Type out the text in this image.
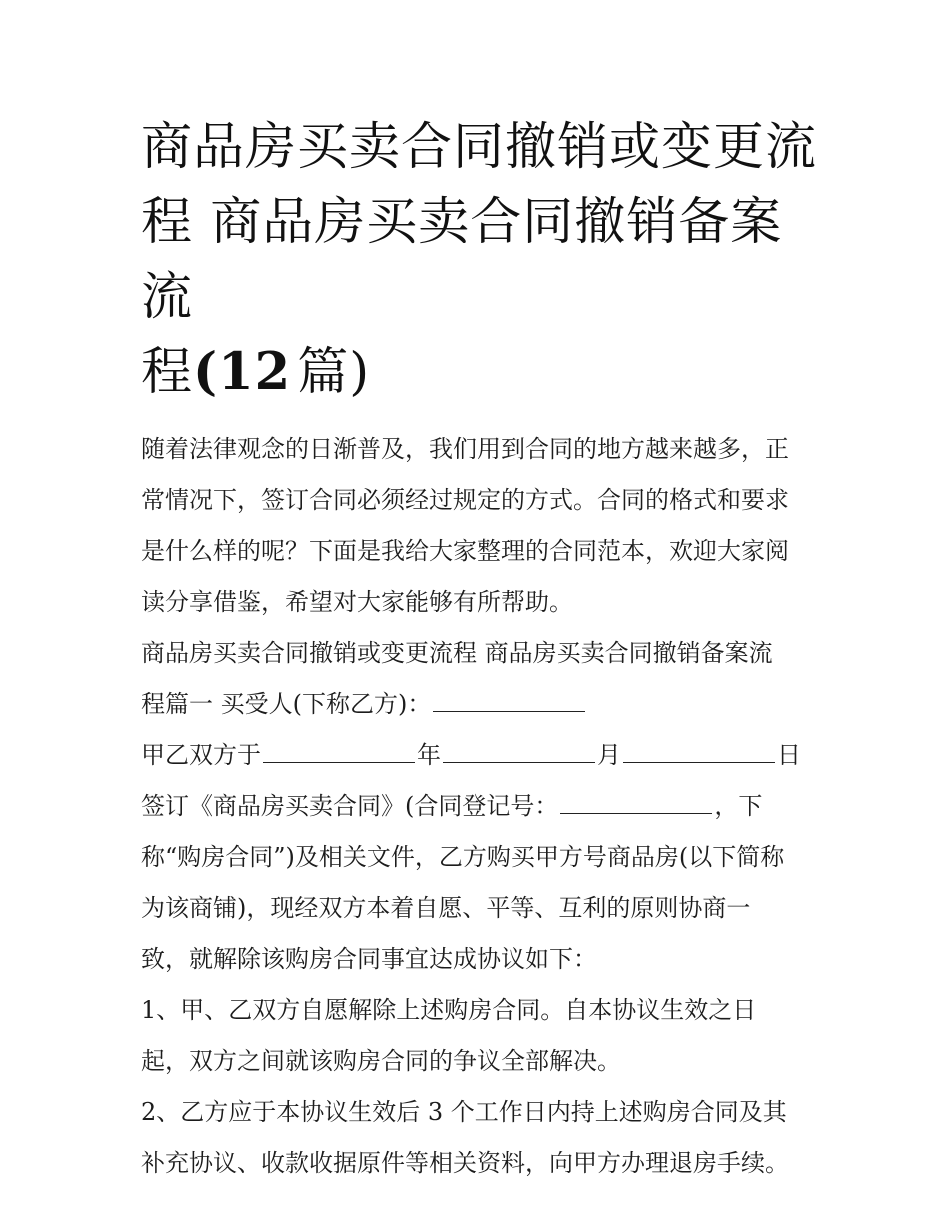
商品房买卖合同撤销或变更流
程 商品房买卖合同撤销备案流
程(12  篇)
随着法律观念的日渐普及，我们用到合同的地方越来越多，正
常情况下，签订合同必须经过规定的方式。合同的格式和要求
是什么样的呢？下面是我给大家整理的合同范本，欢迎大家阅
读分享借鉴，希望对大家能够有所帮助。
商品房买卖合同撤销或变更流程 商品房买卖合同撤销备案流
程篇一 买受人(下称乙方)：
甲乙双方于	年	月	日
签订《商品房买卖合同》(合同登记号：	，下
称“购房合同”)及相关文件，乙方购买甲方号商品房(以下简称
为该商铺)，现经双方本着自愿、平等、互利的原则协商一
致，就解除该购房合同事宜达成协议如下：
1、甲、乙双方自愿解除上述购房合同。自本协议生效之日
起，双方之间就该购房合同的争议全部解决。
2、乙方应于本协议生效后 3 个工作日内持上述购房合同及其
补充协议、收款收据原件等相关资料，向甲方办理退房手续。
